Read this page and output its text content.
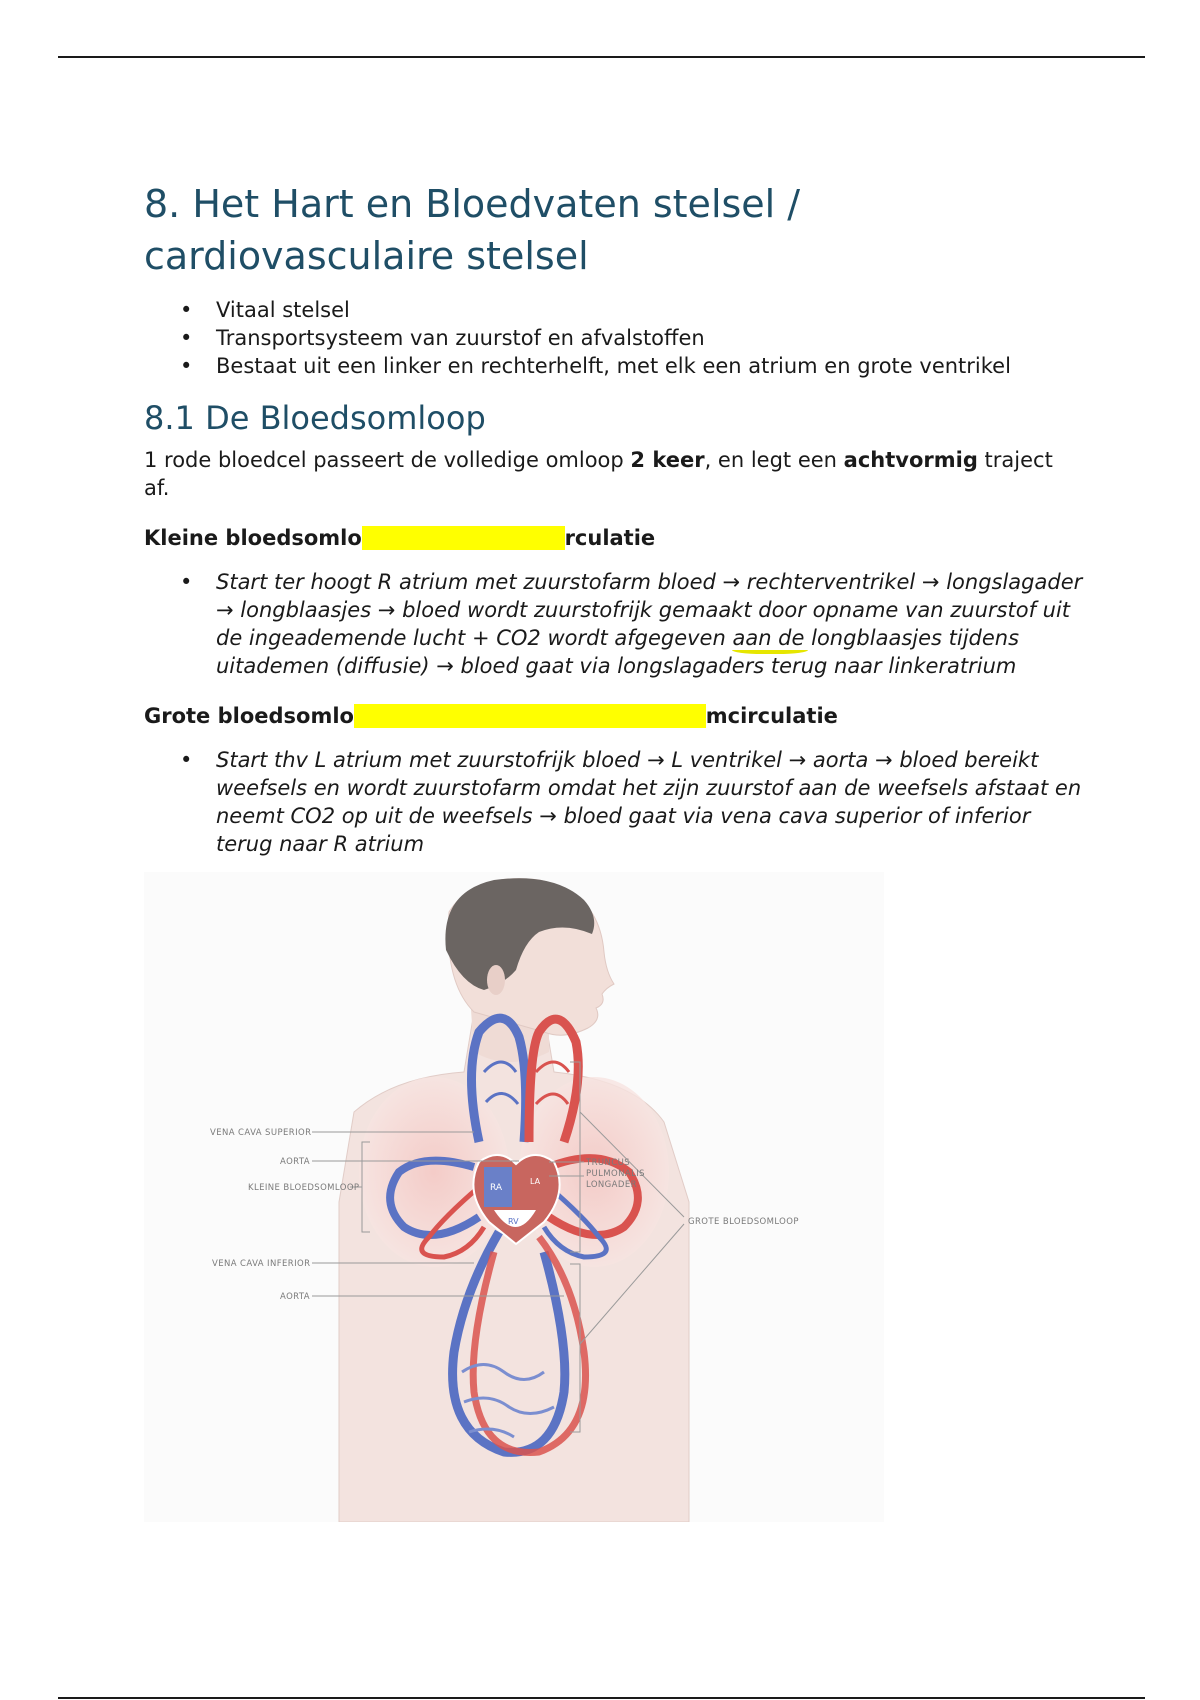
8. Het Hart en Bloedvaten stelsel / cardiovasculaire stelsel
• Vitaal stelsel
• Transportsysteem van zuurstof en afvalstoffen
• Bestaat uit een linker en rechterhelft, met elk een atrium en grote ventrikel
8.1 De Bloedsomloop

1 rode bloedcel passeert de volledige omloop 2 keer, en legt een achtvormig traject af.

Kleine bloedsomlo	rculatie
• Start ter hoogt R atrium met zuurstofarm bloed → rechterventrikel → longslagader → longblaasjes → bloed wordt zuurstofrijk gemaakt door opname van zuurstof uit de ingeademende lucht + CO2 wordt afgegeven aan de longblaasjes tijdens uitademen (diffusie) → bloed gaat via longslagaders terug naar linkeratrium
Grote bloedsomlo	mcirculatie
• Start thv L atrium met zuurstofrijk bloed → L ventrikel → aorta → bloed bereikt weefsels en wordt zuurstofarm omdat het zijn zuurstof aan de weefsels afstaat en neemt CO2 op uit de weefsels → bloed gaat via vena cava superior of inferior terug naar R atrium
RA
RV
LA
VENA CAVA SUPERIOR
AORTA
KLEINE BLOEDSOMLOOP
VENA CAVA INFERIOR
AORTA
TRUNCUS
PULMONALIS
LONGADER
GROTE BLOEDSOMLOOP
